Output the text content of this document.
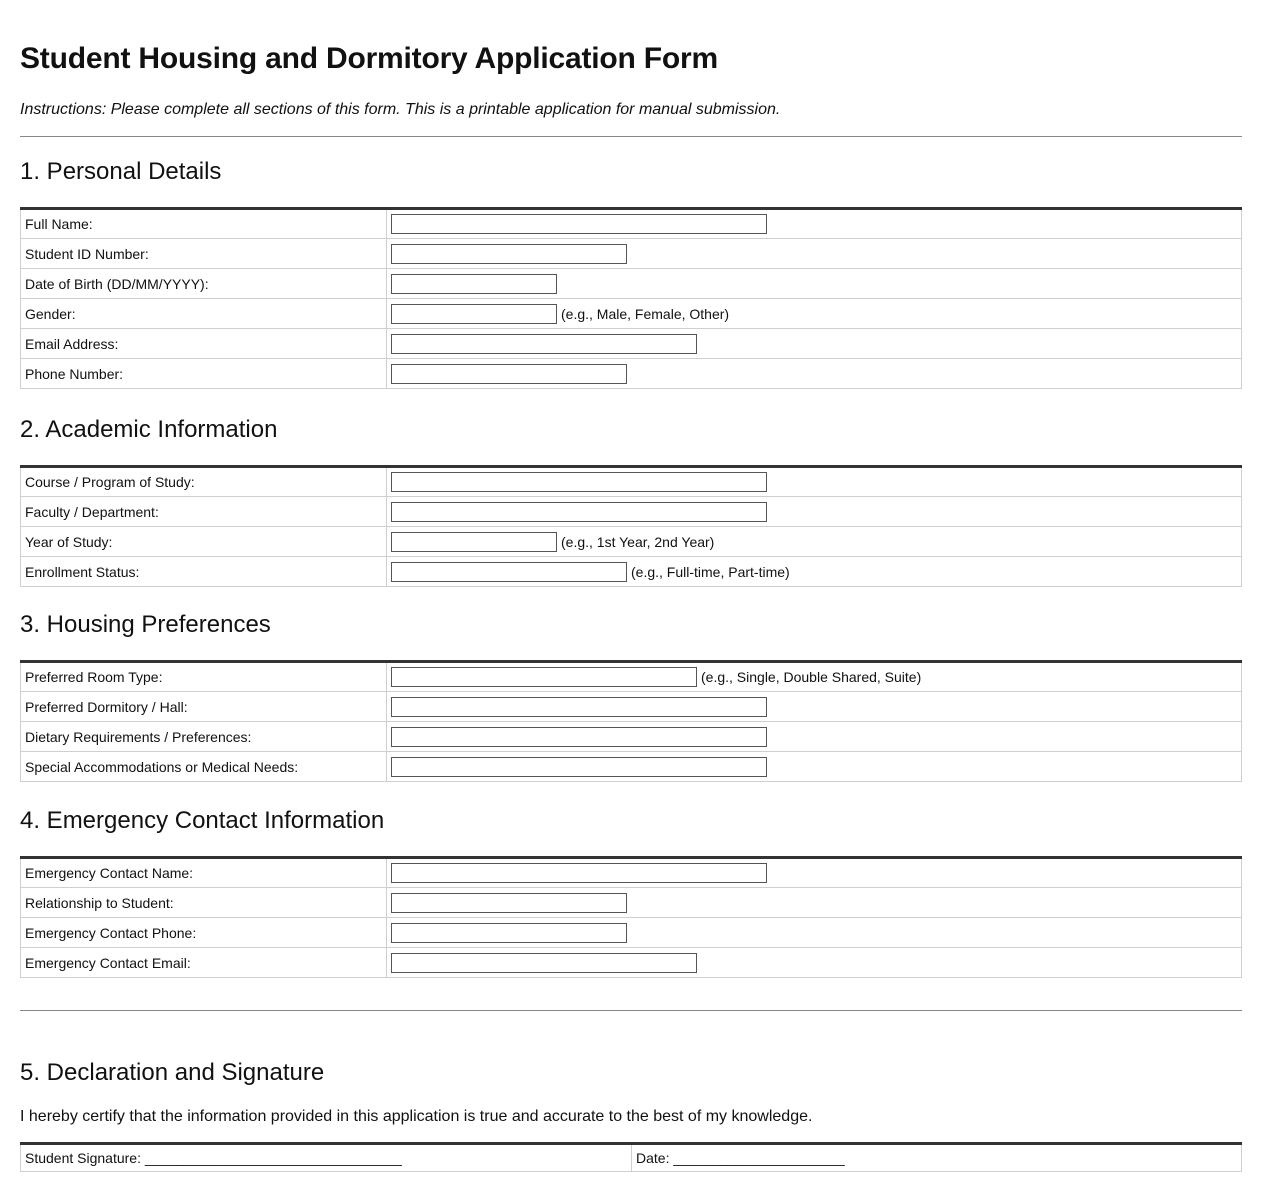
Student Housing and Dormitory Application Form
Instructions: Please complete all sections of this form. This is a printable application for manual submission.
1. Personal Details
Full Name:	
Student ID Number:	
Date of Birth (DD/MM/YYYY):	
Gender:	(e.g., Male, Female, Other)
Email Address:	
Phone Number:	
2. Academic Information
Course / Program of Study:	
Faculty / Department:	
Year of Study:	(e.g., 1st Year, 2nd Year)
Enrollment Status:	(e.g., Full-time, Part-time)
3. Housing Preferences
Preferred Room Type:	(e.g., Single, Double Shared, Suite)
Preferred Dormitory / Hall:	
Dietary Requirements / Preferences:	
Special Accommodations or Medical Needs:	
4. Emergency Contact Information
Emergency Contact Name:	
Relationship to Student:	
Emergency Contact Phone:	
Emergency Contact Email:	
5. Declaration and Signature
I hereby certify that the information provided in this application is true and accurate to the best of my knowledge.
Student Signature: _________________________________	Date: ______________________
